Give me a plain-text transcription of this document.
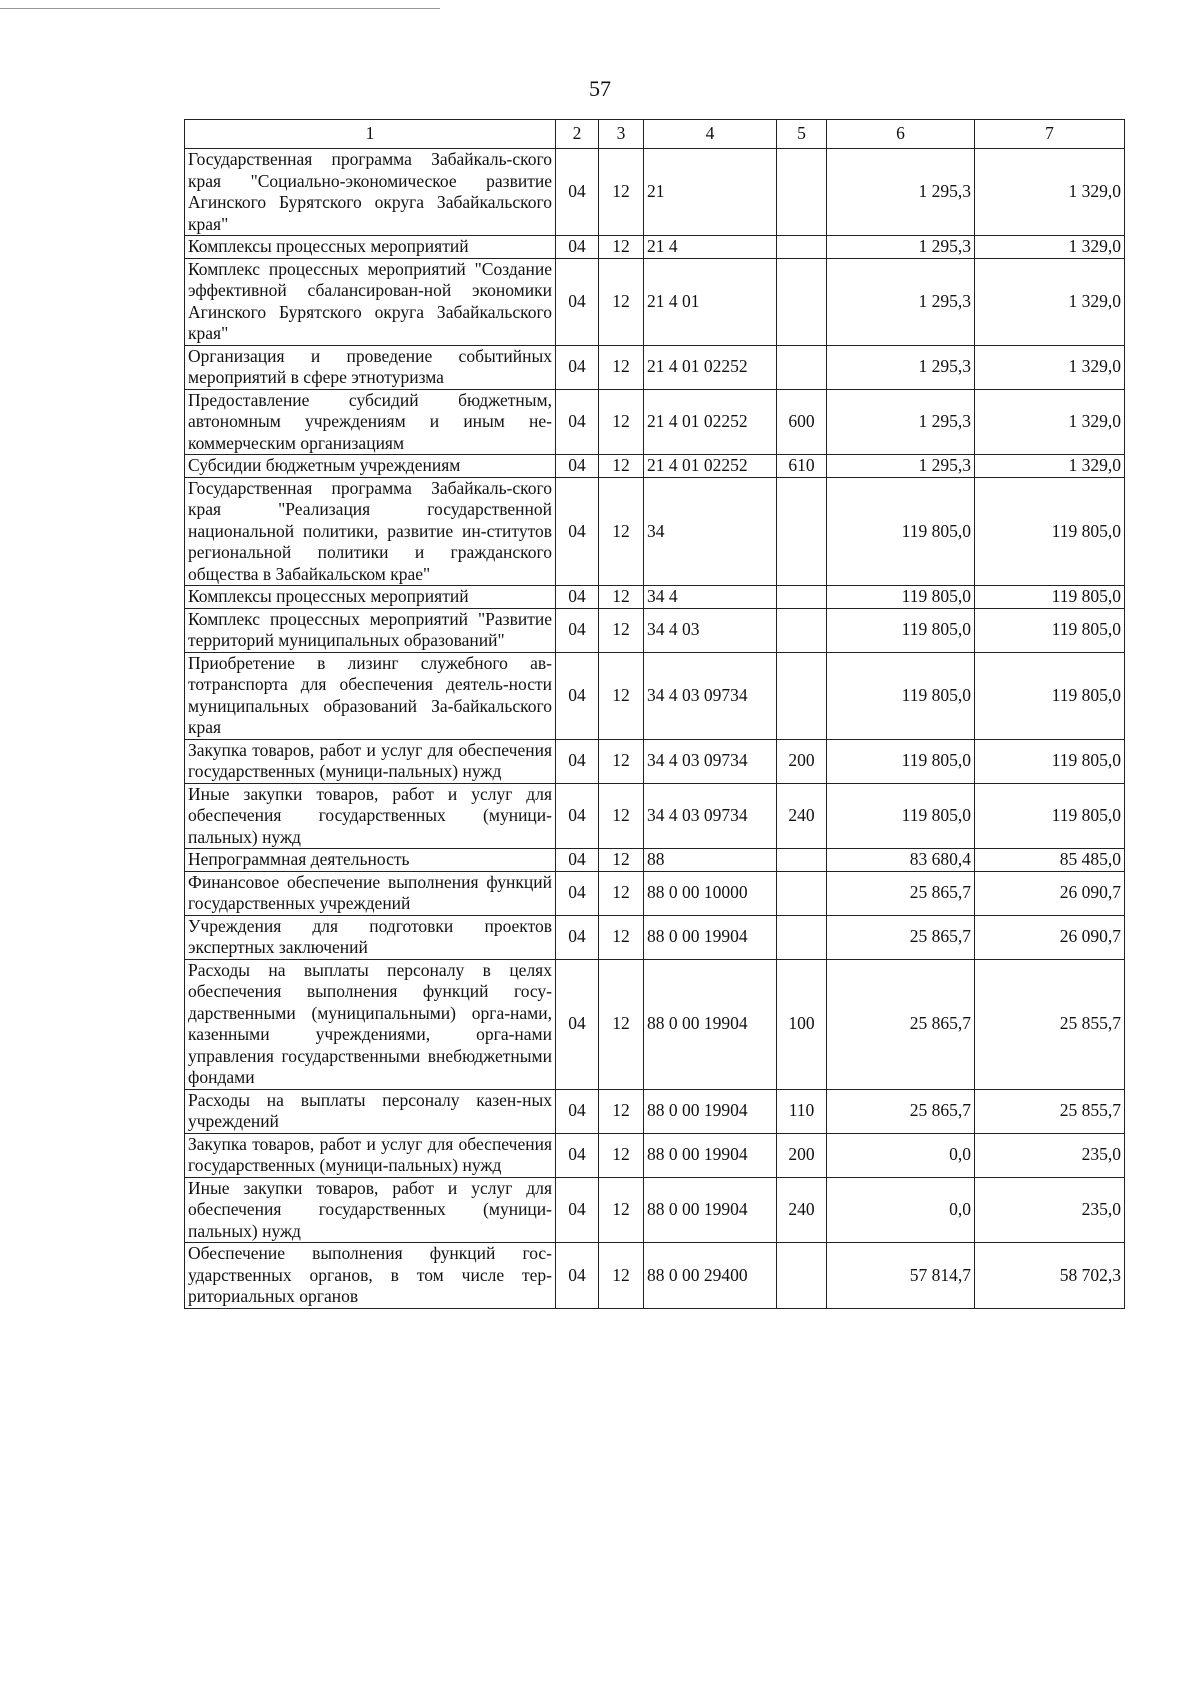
57
1	2	3	4	5	6	7
Государственная программа Забайкаль-ского края "Социально-экономическое развитие Агинского Бурятского округа Забайкальского края"	04	12	21		1 295,3	1 329,0
Комплексы процессных мероприятий	04	12	21 4		1 295,3	1 329,0
Комплекс процессных мероприятий "Создание эффективной сбалансирован-ной экономики Агинского Бурятского округа Забайкальского края"	04	12	21 4 01		1 295,3	1 329,0
Организация и проведение событийных мероприятий в сфере этнотуризма	04	12	21 4 01 02252		1 295,3	1 329,0
Предоставление субсидий бюджетным, автономным учреждениям и иным не-коммерческим организациям	04	12	21 4 01 02252	600	1 295,3	1 329,0
Субсидии бюджетным учреждениям	04	12	21 4 01 02252	610	1 295,3	1 329,0
Государственная программа Забайкаль-ского края "Реализация государственной национальной политики, развитие ин-ститутов региональной политики и гражданского общества в Забайкальском крае"	04	12	34		119 805,0	119 805,0
Комплексы процессных мероприятий	04	12	34 4		119 805,0	119 805,0
Комплекс процессных мероприятий "Развитие территорий муниципальных образований"	04	12	34 4 03		119 805,0	119 805,0
Приобретение в лизинг служебного ав-тотранспорта для обеспечения деятель-ности муниципальных образований За-байкальского края	04	12	34 4 03 09734		119 805,0	119 805,0
Закупка товаров, работ и услуг для обеспечения государственных (муници-пальных) нужд	04	12	34 4 03 09734	200	119 805,0	119 805,0
Иные закупки товаров, работ и услуг для обеспечения государственных (муници-пальных) нужд	04	12	34 4 03 09734	240	119 805,0	119 805,0
Непрограммная деятельность	04	12	88		83 680,4	85 485,0
Финансовое обеспечение выполнения функций государственных учреждений	04	12	88 0 00 10000		25 865,7	26 090,7
Учреждения для подготовки проектов экспертных заключений	04	12	88 0 00 19904		25 865,7	26 090,7
Расходы на выплаты персоналу в целях обеспечения выполнения функций госу-дарственными (муниципальными) орга-нами, казенными учреждениями, орга-нами управления государственными внебюджетными фондами	04	12	88 0 00 19904	100	25 865,7	25 855,7
Расходы на выплаты персоналу казен-ных учреждений	04	12	88 0 00 19904	110	25 865,7	25 855,7
Закупка товаров, работ и услуг для обеспечения государственных (муници-пальных) нужд	04	12	88 0 00 19904	200	0,0	235,0
Иные закупки товаров, работ и услуг для обеспечения государственных (муници-пальных) нужд	04	12	88 0 00 19904	240	0,0	235,0
Обеспечение выполнения функций гос-ударственных органов, в том числе тер-риториальных органов	04	12	88 0 00 29400		57 814,7	58 702,3
